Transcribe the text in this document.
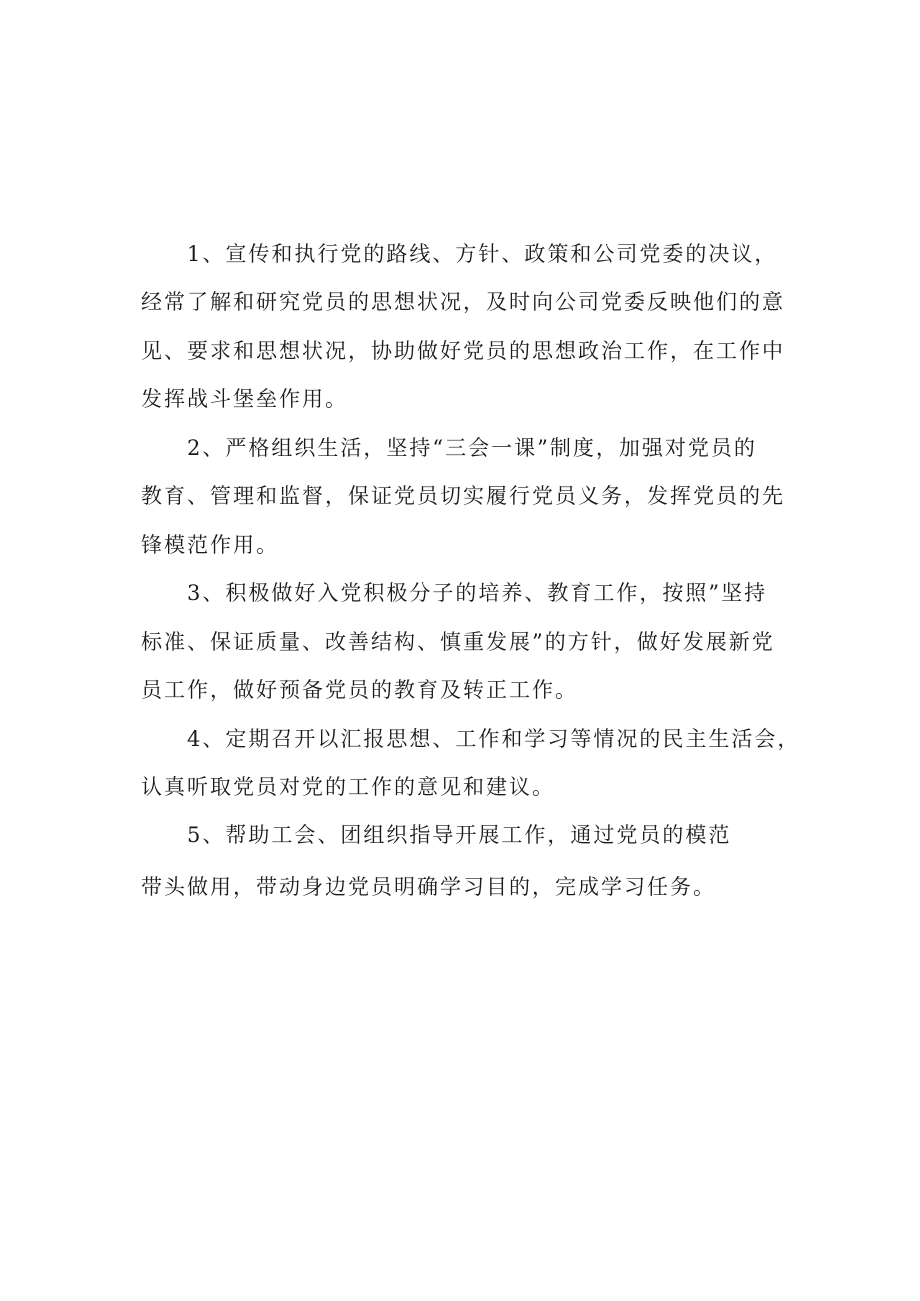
1、宣传和执行党的路线、方针、政策和公司党委的决议，
经常了解和研究党员的思想状况，及时向公司党委反映他们的意
见、要求和思想状况，协助做好党员的思想政治工作，在工作中
发挥战斗堡垒作用。
2、严格组织生活，坚持“三会一课”制度，加强对党员的
教育、管理和监督，保证党员切实履行党员义务，发挥党员的先
锋模范作用。
3、积极做好入党积极分子的培养、教育工作，按照”坚持
标准、保证质量、改善结构、慎重发展”的方针，做好发展新党
员工作，做好预备党员的教育及转正工作。
4、定期召开以汇报思想、工作和学习等情况的民主生活会，
认真听取党员对党的工作的意见和建议。
5、帮助工会、团组织指导开展工作，通过党员的模范
带头做用，带动身边党员明确学习目的，完成学习任务。
